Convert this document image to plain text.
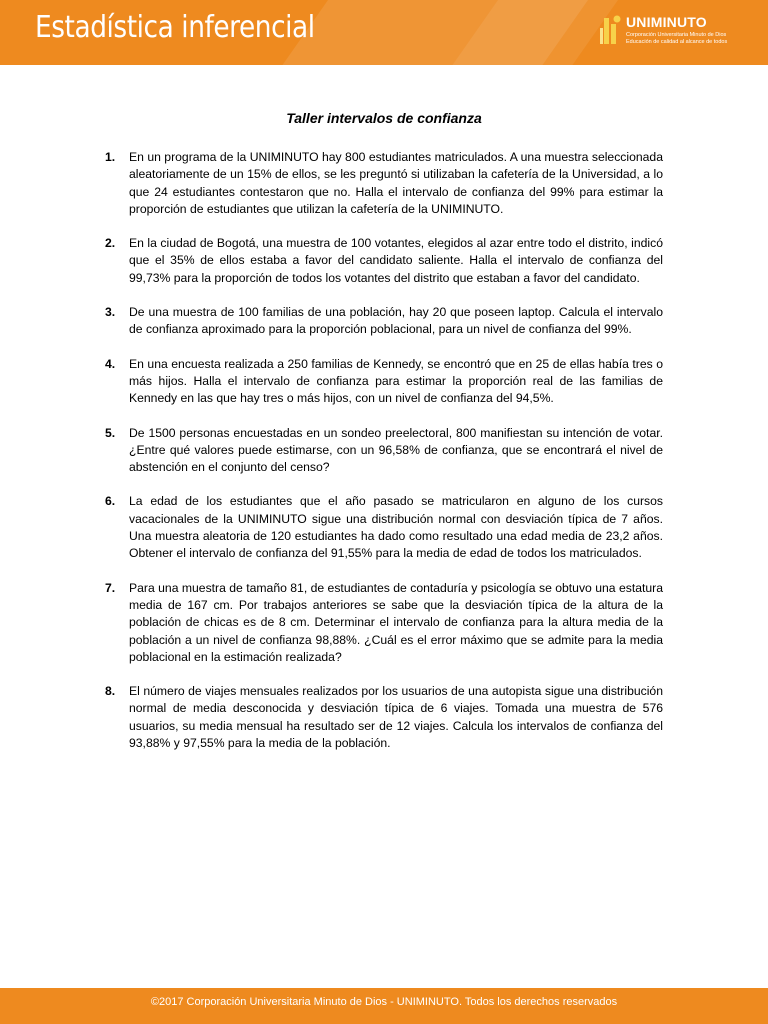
Estadística inferencial	UNIMINUTO
Corporación Universitaria Minuto de Dios
Educación de calidad al alcance de todos
Taller intervalos de confianza
1. En un programa de la UNIMINUTO hay 800 estudiantes matriculados. A una muestra seleccionada aleatoriamente de un 15% de ellos, se les preguntó si utilizaban la cafetería de la Universidad, a lo que 24 estudiantes contestaron que no. Halla el intervalo de confianza del 99% para estimar la proporción de estudiantes que utilizan la cafetería de la UNIMINUTO.
2. En la ciudad de Bogotá, una muestra de 100 votantes, elegidos al azar entre todo el distrito, indicó que el 35% de ellos estaba a favor del candidato saliente. Halla el intervalo de confianza del 99,73% para la proporción de todos los votantes del distrito que estaban a favor del candidato.
3. De una muestra de 100 familias de una población, hay 20 que poseen laptop. Calcula el intervalo de confianza aproximado para la proporción poblacional, para un nivel de confianza del 99%.
4. En una encuesta realizada a 250 familias de Kennedy, se encontró que en 25 de ellas había tres o más hijos. Halla el intervalo de confianza para estimar la proporción real de las familias de Kennedy en las que hay tres o más hijos, con un nivel de confianza del 94,5%.
5. De 1500 personas encuestadas en un sondeo preelectoral, 800 manifiestan su intención de votar. ¿Entre qué valores puede estimarse, con un 96,58% de confianza, que se encontrará el nivel de abstención en el conjunto del censo?
6. La edad de los estudiantes que el año pasado se matricularon en alguno de los cursos vacacionales de la UNIMINUTO sigue una distribución normal con desviación típica de 7 años. Una muestra aleatoria de 120 estudiantes ha dado como resultado una edad media de 23,2 años. Obtener el intervalo de confianza del 91,55% para la media de edad de todos los matriculados.
7. Para una muestra de tamaño 81, de estudiantes de contaduría y psicología se obtuvo una estatura media de 167 cm. Por trabajos anteriores se sabe que la desviación típica de la altura de la población de chicas es de 8 cm. Determinar el intervalo de confianza para la altura media de la población a un nivel de confianza 98,88%. ¿Cuál es el error máximo que se admite para la media poblacional en la estimación realizada?
8. El número de viajes mensuales realizados por los usuarios de una autopista sigue una distribución normal de media desconocida y desviación típica de 6 viajes. Tomada una muestra de 576 usuarios, su media mensual ha resultado ser de 12 viajes. Calcula los intervalos de confianza del 93,88% y 97,55% para la media de la población.
©2017 Corporación Universitaria Minuto de Dios - UNIMINUTO. Todos los derechos reservados
